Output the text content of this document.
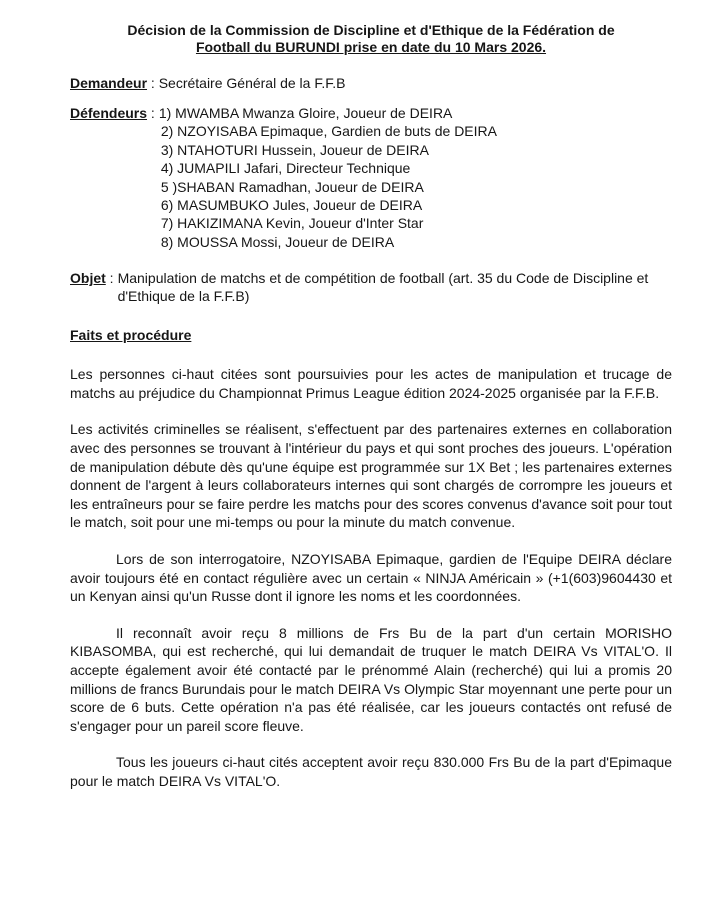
Décision de la Commission de Discipline et d'Ethique de la Fédération de
Football du BURUNDI prise en date du 10 Mars 2026.
Demandeur : Secrétaire Général de la F.F.B
Défendeurs : 1) MWAMBA Mwanza Gloire, Joueur de DEIRA
2) NZOYISABA Epimaque, Gardien de buts de DEIRA
3) NTAHOTURI Hussein, Joueur de DEIRA
4) JUMAPILI Jafari, Directeur Technique
5 )SHABAN Ramadhan, Joueur de DEIRA
6) MASUMBUKO Jules, Joueur de DEIRA
7) HAKIZIMANA Kevin, Joueur d'Inter Star
8) MOUSSA Mossi, Joueur de DEIRA
Objet : Manipulation de matchs et de compétition de football (art. 35 du Code de Discipline et d'Ethique de la F.F.B)
Faits et procédure

Les personnes ci-haut citées sont poursuivies pour les actes de manipulation et trucage de matchs au préjudice du Championnat Primus League édition 2024-2025 organisée par la F.F.B.

Les activités criminelles se réalisent, s'effectuent par des partenaires externes en collaboration avec des personnes se trouvant à l'intérieur du pays et qui sont proches des joueurs. L'opération de manipulation débute dès qu'une équipe est programmée sur 1X Bet ; les partenaires externes donnent de l'argent à leurs collaborateurs internes qui sont chargés de corrompre les joueurs et les entraîneurs pour se faire perdre les matchs pour des scores convenus d'avance soit pour tout le match, soit pour une mi-temps ou pour la minute du match convenue.

Lors de son interrogatoire, NZOYISABA Epimaque, gardien de l'Equipe DEIRA déclare avoir toujours été en contact régulière avec un certain « NINJA Américain » (+1(603)9604430 et un Kenyan ainsi qu'un Russe dont il ignore les noms et les coordonnées.

Il reconnaît avoir reçu 8 millions de Frs Bu de la part d'un certain MORISHO KIBASOMBA, qui est recherché, qui lui demandait de truquer le match DEIRA Vs VITAL'O. Il accepte également avoir été contacté par le prénommé Alain (recherché) qui lui a promis 20 millions de francs Burundais pour le match DEIRA Vs Olympic Star moyennant une perte pour un score de 6 buts. Cette opération n'a pas été réalisée, car les joueurs contactés ont refusé de s'engager pour un pareil score fleuve.

Tous les joueurs ci-haut cités acceptent avoir reçu 830.000 Frs Bu de la part d'Epimaque pour le match DEIRA Vs VITAL'O.
